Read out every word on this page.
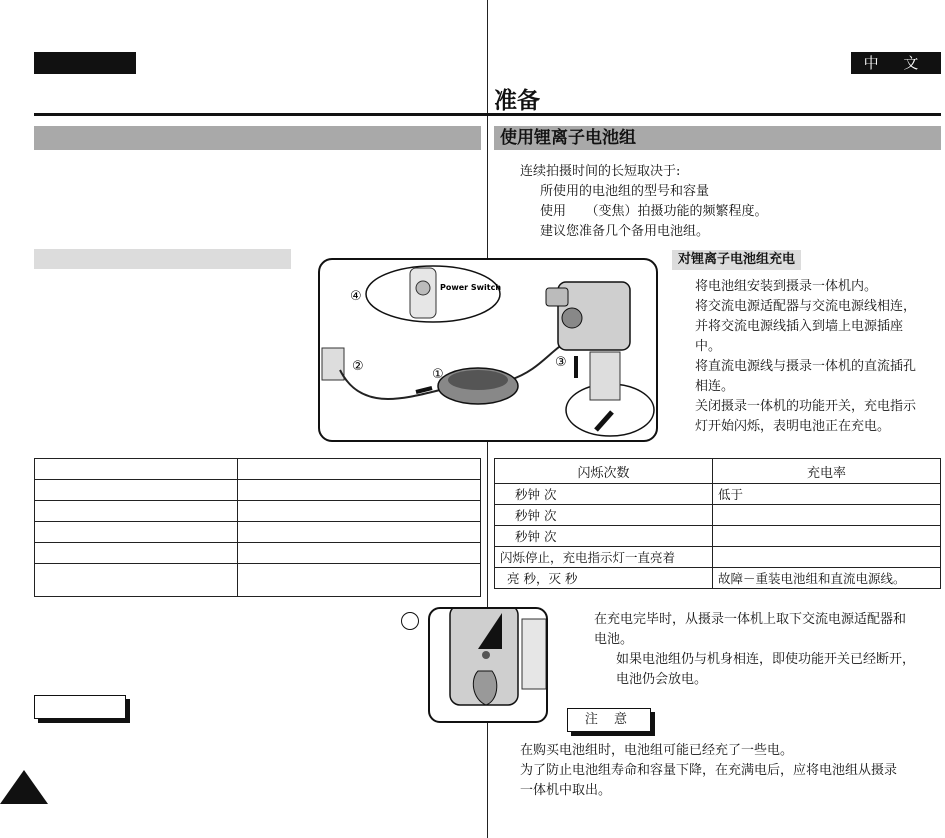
中 文
准备
使用锂离子电池组
连续拍摄时间的长短取决于:
所使用的电池组的型号和容量
使用　　（变焦）拍摄功能的频繁程度。
建议您准备几个备用电池组。
对锂离子电池组充电
将电池组安装到摄录一体机内。
将交流电源适配器与交流电源线相连，
并将交流电源线插入到墙上电源插座
中。
将直流电源线与摄录一体机的直流插孔
相连。
关闭摄录一体机的功能开关，充电指示
灯开始闪烁，表明电池正在充电。
Power Switch
④
②
①
③

闪烁次数	充电率
秒钟 次	低于
秒钟 次	
秒钟 次	
闪烁停止，充电指示灯一直亮着	
亮 秒，灭 秒	故障－重装电池组和直流电源线。
在充电完毕时，从摄录一体机上取下交流电源适配器和
电池。
如果电池组仍与机身相连，即使功能开关已经断开，
电池仍会放电。
注 意
在购买电池组时，电池组可能已经充了一些电。
为了防止电池组寿命和容量下降，在充满电后，应将电池组从摄录
一体机中取出。
